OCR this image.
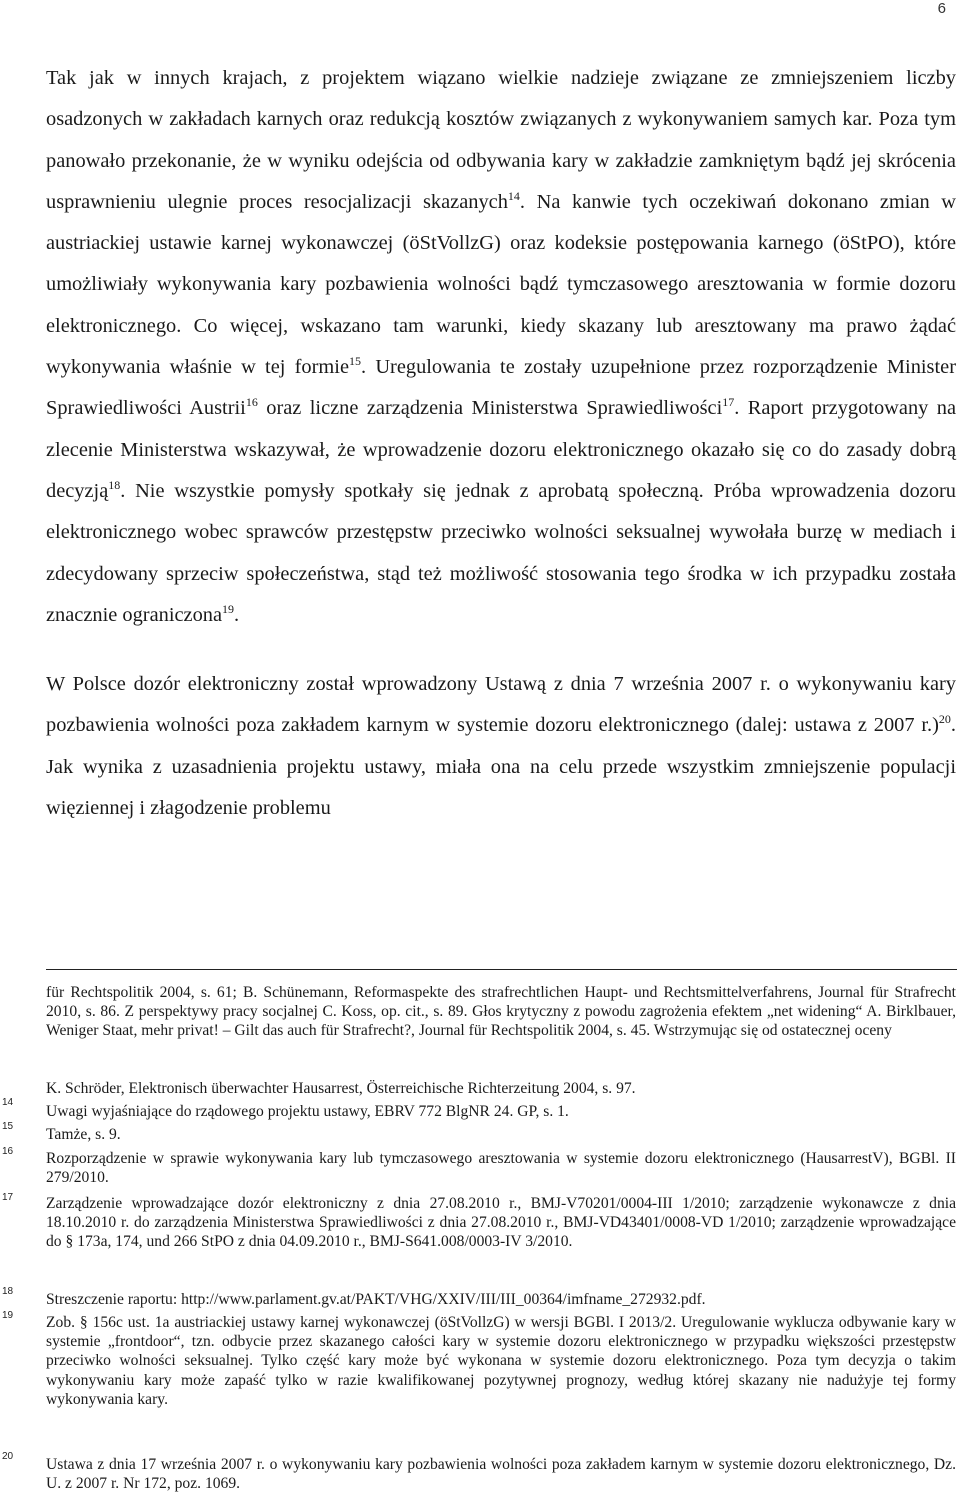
6

Tak jak w innych krajach, z projektem wiązano wielkie nadzieje związane ze zmniejszeniem liczby osadzonych w zakładach karnych oraz redukcją kosztów związanych z wykonywaniem samych kar. Poza tym panowało przekonanie, że w wyniku odejścia od odbywania kary w zakładzie zamkniętym bądź jej skrócenia usprawnieniu ulegnie proces resocjalizacji skazanych$^{14}$. Na kanwie tych oczekiwań dokonano zmian w austriackiej ustawie karnej wykonawczej (öStVollzG) oraz kodeksie postępowania karnego (öStPO), które umożliwiały wykonywania kary pozbawienia wolności bądź tymczasowego aresztowania w formie dozoru elektronicznego. Co więcej, wskazano tam warunki, kiedy skazany lub aresztowany ma prawo żądać wykonywania właśnie w tej formie$^{15}$. Uregulowania te zostały uzupełnione przez rozporządzenie Minister Sprawiedliwości Austrii$^{16}$ oraz liczne zarządzenia Ministerstwa Sprawiedliwości$^{17}$. Raport przygotowany na zlecenie Ministerstwa wskazywał, że wprowadzenie dozoru elektronicznego okazało się co do zasady dobrą decyzją$^{18}$. Nie wszystkie pomysły spotkały się jednak z aprobatą społeczną. Próba wprowadzenia dozoru elektronicznego wobec sprawców przestępstw przeciwko wolności seksualnej wywołała burzę w mediach i zdecydowany sprzeciw społeczeństwa, stąd też możliwość stosowania tego środka w ich przypadku została znacznie ograniczona$^{19}$.

W Polsce dozór elektroniczny został wprowadzony Ustawą z dnia 7 września 2007 r. o wykonywaniu kary pozbawienia wolności poza zakładem karnym w systemie dozoru elektronicznego (dalej: ustawa z 2007 r.)$^{20}$. Jak wynika z uzasadnienia projektu ustawy, miała ona na celu przede wszystkim zmniejszenie populacji więziennej i złagodzenie problemu

für Rechtspolitik 2004, s. 61; B. Schünemann, Reformaspekte des strafrechtlichen Haupt- und Rechtsmittelverfahrens, Journal für Strafrecht 2010, s. 86. Z perspektywy pracy socjalnej C. Koss, op. cit., s. 89. Głos krytyczny z powodu zagrożenia efektem „net widening“ A. Birklbauer, Weniger Staat, mehr privat! – Gilt das auch für Strafrecht?, Journal für Rechtspolitik 2004, s. 45. Wstrzymując się od ostatecznej oceny

14
15
16
17
18
19
20

K. Schröder, Elektronisch überwachter Hausarrest, Österreichische Richterzeitung 2004, s. 97.

Uwagi wyjaśniające do rządowego projektu ustawy, EBRV 772 BlgNR 24. GP, s. 1.

Tamże, s. 9.

Rozporządzenie w sprawie wykonywania kary lub tymczasowego aresztowania w systemie dozoru elektronicznego (HausarrestV), BGBl. II 279/2010.

Zarządzenie wprowadzające dozór elektroniczny z dnia 27.08.2010 r., BMJ-V70201/0004-III 1/2010; zarządzenie wykonawcze z dnia 18.10.2010 r. do zarządzenia Ministerstwa Sprawiedliwości z dnia 27.08.2010 r., BMJ-VD43401/0008-VD 1/2010; zarządzenie wprowadzające do § 173a, 174, und 266 StPO z dnia 04.09.2010 r., BMJ-S641.008/0003-IV 3/2010.

Streszczenie raportu: http://www.parlament.gv.at/PAKT/VHG/XXIV/III/III_00364/imfname_272932.pdf.

Zob. § 156c ust. 1a austriackiej ustawy karnej wykonawczej (öStVollzG) w wersji BGBl. I 2013/2. Uregulowanie wyklucza odbywanie kary w systemie „frontdoor“, tzn. odbycie przez skazanego całości kary w systemie dozoru elektronicznego w przypadku większości przestępstw przeciwko wolności seksualnej. Tylko część kary może być wykonana w systemie dozoru elektronicznego. Poza tym decyzja o takim wykonywaniu kary może zapaść tylko w razie kwalifikowanej pozytywnej prognozy, według której skazany nie nadużyje tej formy wykonywania kary.

Ustawa z dnia 17 września 2007 r. o wykonywaniu kary pozbawienia wolności poza zakładem karnym w systemie dozoru elektronicznego, Dz. U. z 2007 r. Nr 172, poz. 1069.
